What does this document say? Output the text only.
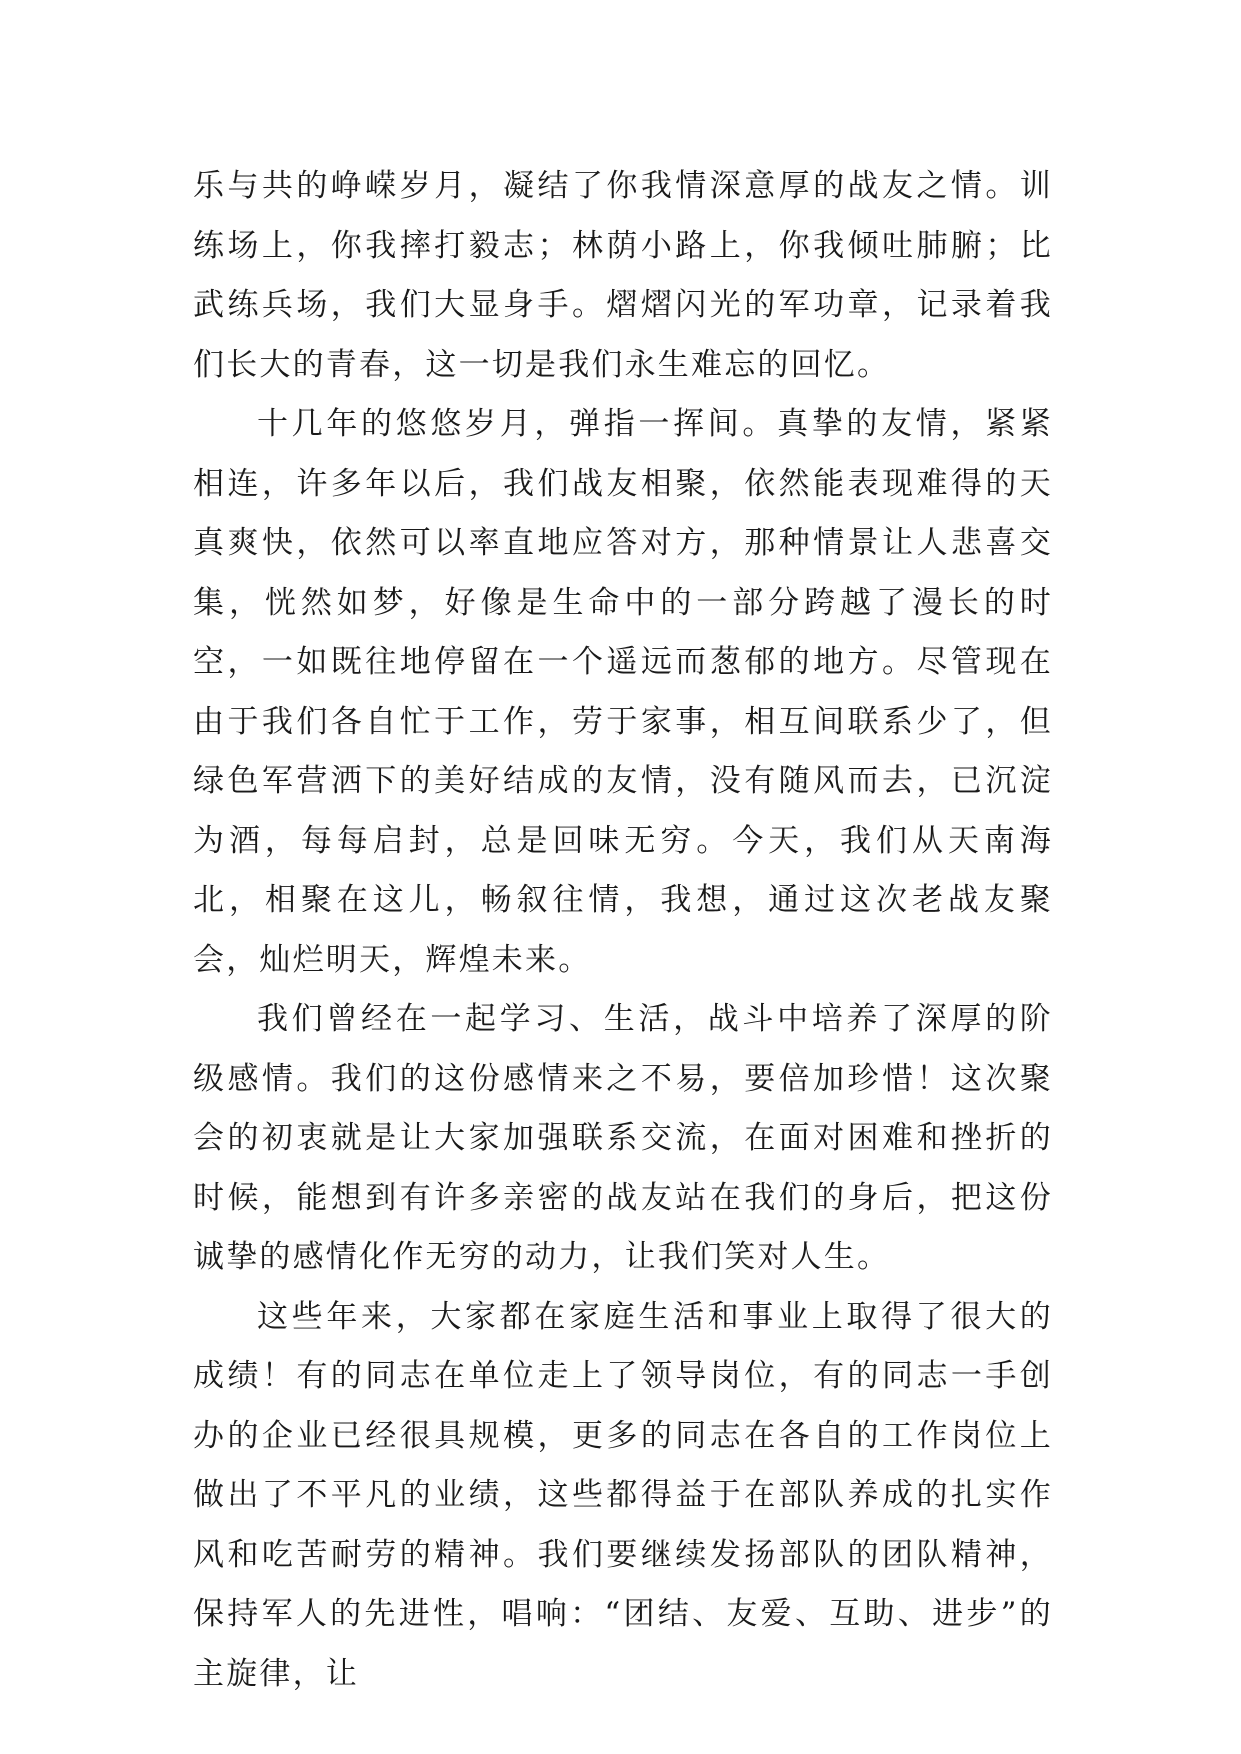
乐与共的峥嵘岁月，凝结了你我情深意厚的战友之情。训练场上，你我摔打毅志；林荫小路上，你我倾吐肺腑；比武练兵场，我们大显身手。熠熠闪光的军功章，记录着我们长大的青春，这一切是我们永生难忘的回忆。

十几年的悠悠岁月，弹指一挥间。真挚的友情，紧紧相连，许多年以后，我们战友相聚，依然能表现难得的天真爽快，依然可以率直地应答对方，那种情景让人悲喜交集，恍然如梦，好像是生命中的一部分跨越了漫长的时空，一如既往地停留在一个遥远而葱郁的地方。尽管现在由于我们各自忙于工作，劳于家事，相互间联系少了，但绿色军营洒下的美好结成的友情，没有随风而去，已沉淀为酒，每每启封，总是回味无穷。今天，我们从天南海北，相聚在这儿，畅叙往情，我想，通过这次老战友聚会，灿烂明天，辉煌未来。

我们曾经在一起学习、生活，战斗中培养了深厚的阶级感情。我们的这份感情来之不易，要倍加珍惜！这次聚会的初衷就是让大家加强联系交流，在面对困难和挫折的时候，能想到有许多亲密的战友站在我们的身后，把这份诚挚的感情化作无穷的动力，让我们笑对人生。

这些年来，大家都在家庭生活和事业上取得了很大的成绩！有的同志在单位走上了领导岗位，有的同志一手创办的企业已经很具规模，更多的同志在各自的工作岗位上做出了不平凡的业绩，这些都得益于在部队养成的扎实作风和吃苦耐劳的精神。我们要继续发扬部队的团队精神，保持军人的先进性，唱响：“团结、友爱、互助、进步”的主旋律，让
